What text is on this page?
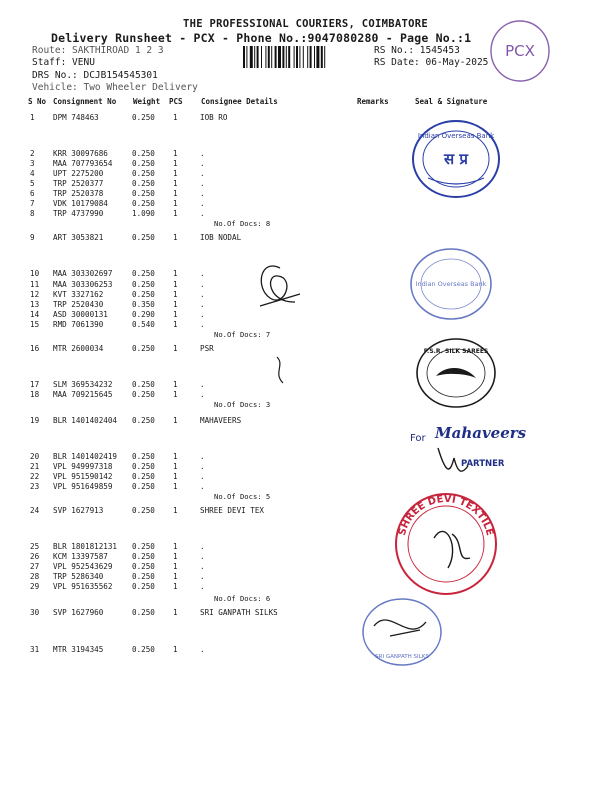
THE PROFESSIONAL COURIERS, COIMBATORE
Delivery Runsheet - PCX - Phone No.:9047080280 - Page No.:1
Route: SAKTHIROAD 1 2 3
Staff: VENU
DRS No.: DCJB154545301
Vehicle: Two Wheeler Delivery
RS No.: 1545453
RS Date: 06-May-2025
PCX
S No Consignment No Weight PCS Consignee Details	Remarks	Seal & Signature
1 DPM 748463	0.250 1	IOB RO
2 KRR 30097686	0.250 1	.
3 MAA 707793654	0.250 1	.
4 UPT 2275200	0.250 1	.
5 TRP 2520377	0.250 1	.
6 TRP 2520378	0.250 1	.
7 VDK 10179084	0.250 1	.
8 TRP 4737990	1.090 1	.
No.Of Docs: 8
9 ART 3053821	0.250 1	IOB NODAL
10 MAA 303302697	0.250 1	.
11 MAA 303306253	0.250 1	.
12 KVT 3327162	0.250 1	.
13 TRP 2520430	0.350 1	.
14 ASD 30000131	0.290 1	.
15 RMD 7061390	0.540 1	.
No.Of Docs: 7
16 MTR 2600034	0.250 1	PSR
17 SLM 369534232	0.250 1	.
18 MAA 709215645	0.250 1	.
No.Of Docs: 3
19 BLR 1401402404 0.250 1	MAHAVEERS
20 BLR 1401402419 0.250 1	.
21 VPL 949997318	0.250 1	.
22 VPL 951590142	0.250 1	.
23 VPL 951649859	0.250 1	.
No.Of Docs: 5
24 SVP 1627913	0.250 1	SHREE DEVI TEX
25 BLR 1801812131 0.250 1	.
26 KCM 13397587	0.250 1	.
27 VPL 952543629	0.250 1	.
28 TRP 5286340	0.250 1	.
29 VPL 951635562	0.250 1	.
No.Of Docs: 6
30 SVP 1627960	0.250 1	SRI GANPATH SILKS
31 MTR 3194345	0.250 1	.
Indian Overseas Bank
स प्र
Indian Overseas Bank
P.S.R. SILK SAREES
For Mahaveers
PARTNER
SHREE DEVI TEXTILE
SRI GANPATH SILKS
